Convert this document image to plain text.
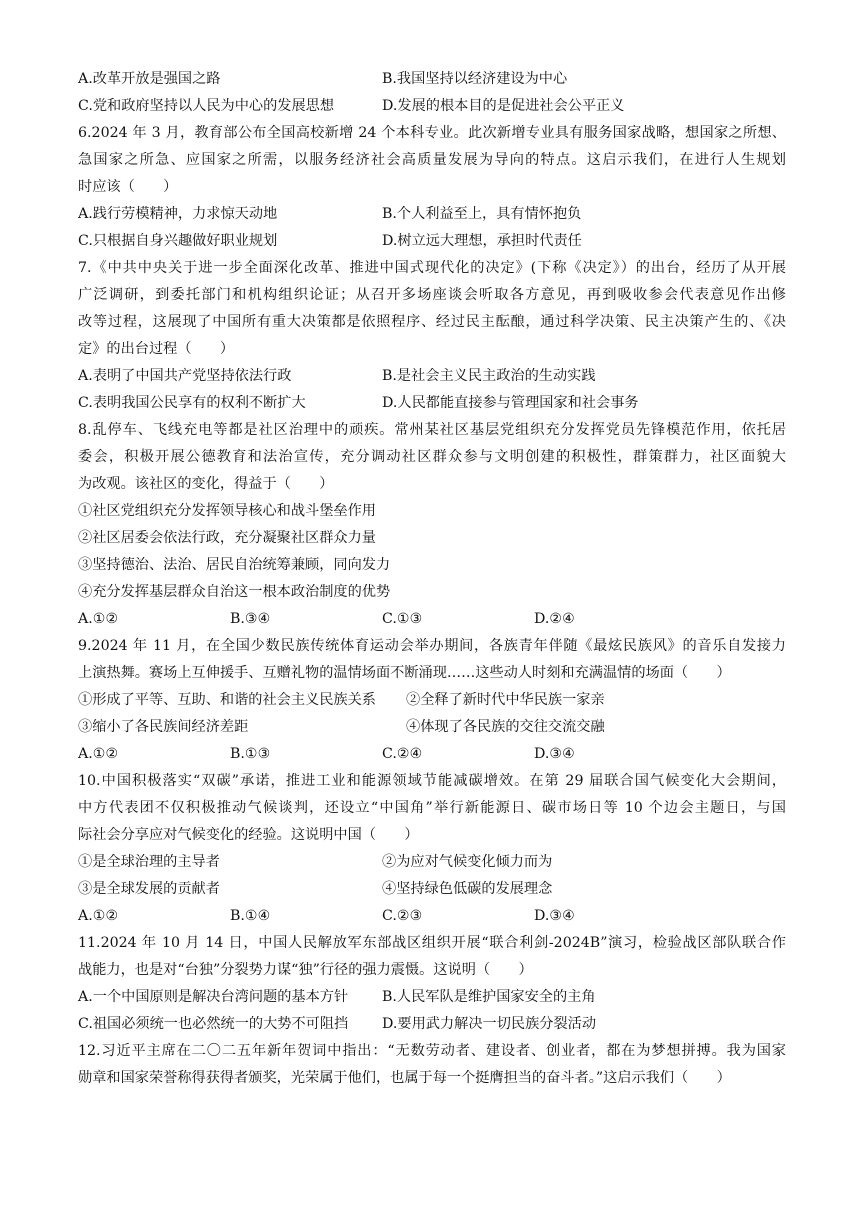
A.改革开放是强国之路	B.我国坚持以经济建设为中心
C.党和政府坚持以人民为中心的发展思想	D.发展的根本目的是促进社会公平正义
6.2024 年 3 月，教育部公布全国高校新增 24 个本科专业。此次新增专业具有服务国家战略，想国家之所想、
急国家之所急、应国家之所需，以服务经济社会高质量发展为导向的特点。这启示我们，在进行人生规划
时应该（　　）
A.践行劳模精神，力求惊天动地	B.个人利益至上，具有情怀抱负
C.只根据自身兴趣做好职业规划	D.树立远大理想，承担时代责任
7.《中共中央关于进一步全面深化改革、推进中国式现代化的决定》(下称《决定》）的出台，经历了从开展
广泛调研，到委托部门和机构组织论证；从召开多场座谈会听取各方意见，再到吸收参会代表意见作出修
改等过程，这展现了中国所有重大决策都是依照程序、经过民主酝酿，通过科学决策、民主决策产生的、《决
定》的出台过程（　　）
A.表明了中国共产党坚持依法行政	B.是社会主义民主政治的生动实践
C.表明我国公民享有的权利不断扩大	D.人民都能直接参与管理国家和社会事务
8.乱停车、飞线充电等都是社区治理中的顽疾。常州某社区基层党组织充分发挥党员先锋模范作用，依托居
委会，积极开展公德教育和法治宣传，充分调动社区群众参与文明创建的积极性，群策群力，社区面貌大
为改观。该社区的变化，得益于（　　）
①社区党组织充分发挥领导核心和战斗堡垒作用
②社区居委会依法行政，充分凝聚社区群众力量
③坚持德治、法治、居民自治统筹兼顾，同向发力
④充分发挥基层群众自治这一根本政治制度的优势
A.①②	B.③④	C.①③	D.②④
9.2024 年 11 月，在全国少数民族传统体育运动会举办期间，各族青年伴随《最炫民族风》的音乐自发接力
上演热舞。赛场上互伸援手、互赠礼物的温情场面不断涌现……这些动人时刻和充满温情的场面（　　）
①形成了平等、互助、和谐的社会主义民族关系 ②全释了新时代中华民族一家亲
③缩小了各民族间经济差距	④体现了各民族的交往交流交融
A.①②	B.①③	C.②④	D.③④
10.中国积极落实“双碳”承诺，推进工业和能源领域节能减碳增效。在第 29 届联合国气候变化大会期间，
中方代表团不仅积极推动气候谈判，还设立“中国角”举行新能源日、碳市场日等 10 个边会主题日，与国
际社会分享应对气候变化的经验。这说明中国（　　）
①是全球治理的主导者	②为应对气候变化倾力而为
③是全球发展的贡献者	④坚持绿色低碳的发展理念
A.①②	B.①④	C.②③	D.③④
11.2024 年 10 月 14 日，中国人民解放军东部战区组织开展“联合利剑-2024B”演习，检验战区部队联合作
战能力，也是对“台独”分裂势力谋“独”行径的强力震慑。这说明（　　）
A.一个中国原则是解决台湾问题的基本方针 B.人民军队是维护国家安全的主角
C.祖国必须统一也必然统一的大势不可阻挡 D.要用武力解决一切民族分裂活动
12.习近平主席在二〇二五年新年贺词中指出：“无数劳动者、建设者、创业者，都在为梦想拼搏。我为国家
勋章和国家荣誉称得获得者颁奖，光荣属于他们，也属于每一个挺膺担当的奋斗者。”这启示我们（　　）
